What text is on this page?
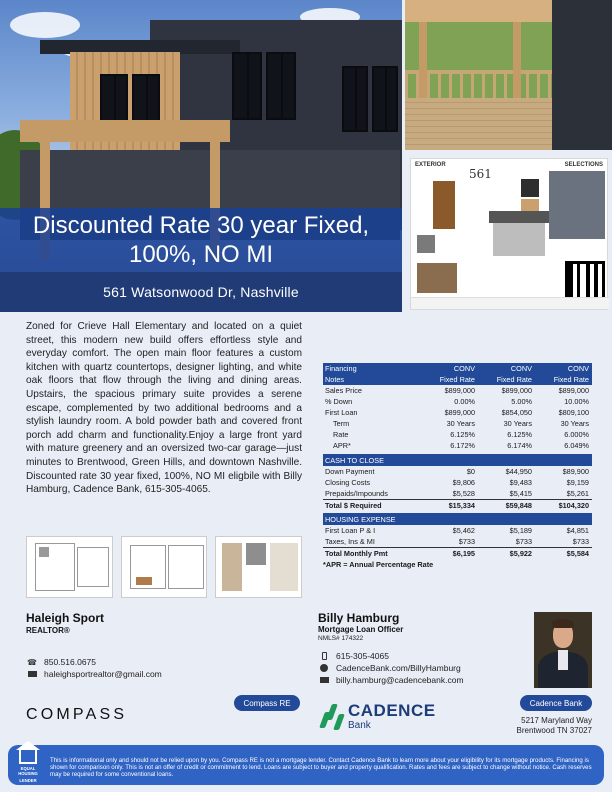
Discounted Rate 30 year Fixed,
100%, NO MI
561 Watsonwood Dr, Nashville
EXTERIOR	SELECTIONS
561
Zoned for Crieve Hall Elementary and located on a quiet street, this modern new build offers effortless style and everyday comfort. The open main floor features a custom kitchen with quartz countertops, designer lighting, and white oak floors that flow through the living and dining areas. Upstairs, the spacious primary suite provides a serene escape, complemented by two additional bedrooms and a stylish laundry room. A bold powder bath and covered front porch add charm and functionality.Enjoy a large front yard with mature greenery and an oversized two-car garage—just minutes to Brentwood, Green Hills, and downtown Nashville. Discounted rate 30 year fixed, 100%, NO MI eligbile with Billy Hamburg, Cadence Bank, 615-305-4065.
Financing	CONV	CONV	CONV
Notes	Fixed Rate	Fixed Rate	Fixed Rate
Sales Price	$899,000	$899,000	$899,000
% Down	0.00%	5.00%	10.00%
First Loan	$899,000	$854,050	$809,100
Term	30 Years	30 Years	30 Years
Rate	6.125%	6.125%	6.000%
APR*	6.172%	6.174%	6.049%
CASH TO CLOSE
Down Payment	$0	$44,950	$89,900
Closing Costs	$9,806	$9,483	$9,159
Prepaids/Impounds	$5,528	$5,415	$5,261
Total $ Required	$15,334	$59,848	$104,320
HOUSING EXPENSE
First Loan P & I	$5,462	$5,189	$4,851
Taxes, Ins & MI	$733	$733	$733
Total Monthly Pmt	$6,195	$5,922	$5,584
*APR = Annual Percentage Rate
Haleigh Sport
REALTOR®
☎ 850.516.0675
haleighsportrealtor@gmail.com
Compass RE
COMPASS
Billy Hamburg
Mortgage Loan Officer
NMLS# 174322
615-305-4065
CadenceBank.com/BillyHamburg
billy.hamburg@cadencebank.com
Cadence Bank
CADENCE
Bank	5217 Maryland Way
Brentwood TN 37027
EQUAL HOUSING
LENDER
This is informational only and should not be relied upon by you. Compass RE is not a mortgage lender. Contact Cadence Bank to learn more about your eligibility for its mortgage products. Financing is shown for comparison only. This is not an offer of credit or commitment to lend. Loans are subject to buyer and property qualification. Rates and fees are subject to change without notice. Cash reserves may be required for some conventional loans.
